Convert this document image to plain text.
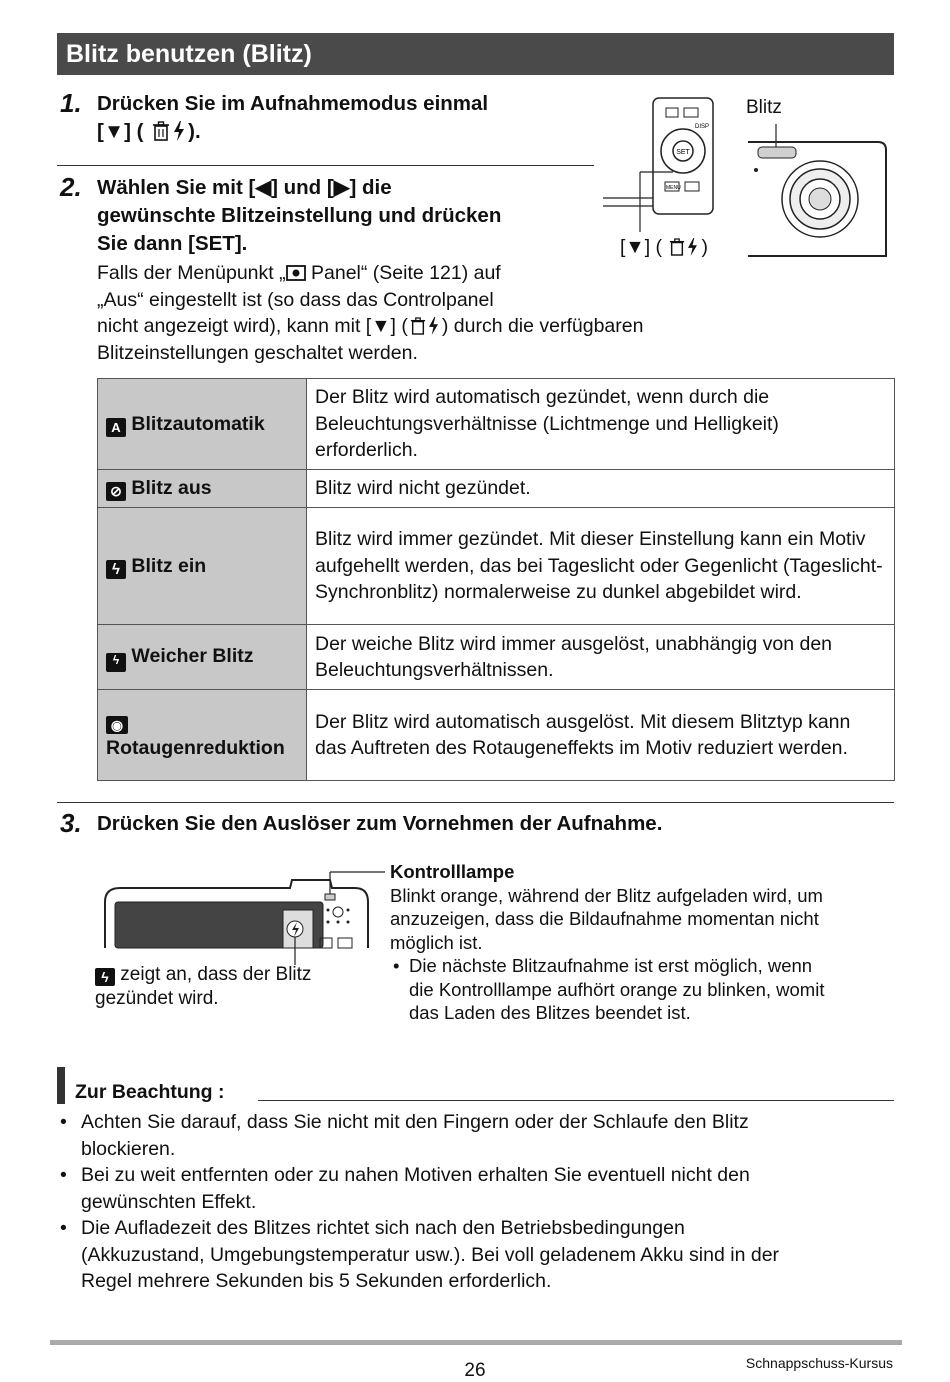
Blitz benutzen (Blitz)
1. Drücken Sie im Aufnahmemodus einmal
[▼] ( ).	DISP
SET
MENU
Blitz
[▼] ( )
2. Wählen Sie mit [◀] und [▶] die
gewünschte Blitzeinstellung und drücken
Sie dann [SET].
Falls der Menüpunkt „ Panel“ (Seite 121) auf
„Aus“ eingestellt ist (so dass das Controlpanel
nicht angezeigt wird), kann mit [▼] ( ) durch die verfügbaren
Blitzeinstellungen geschaltet werden.
A Blitzautomatik	Der Blitz wird automatisch gezündet, wenn durch die Beleuchtungsverhältnisse (Lichtmenge und Helligkeit) erforderlich.
⊘ Blitz aus	Blitz wird nicht gezündet.
ϟ Blitz ein	Blitz wird immer gezündet. Mit dieser Einstellung kann ein Motiv aufgehellt werden, das bei Tageslicht oder Gegenlicht (Tageslicht-Synchronblitz) normalerweise zu dunkel abgebildet wird.
ϟ Weicher Blitz	Der weiche Blitz wird immer ausgelöst, unabhängig von den Beleuchtungsverhältnissen.
◉
Rotaugenreduktion	Der Blitz wird automatisch ausgelöst. Mit diesem Blitztyp kann das Auftreten des Rotaugeneffekts im Motiv reduziert werden.
3. Drücken Sie den Auslöser zum Vornehmen der Aufnahme.
ϟ zeigt an, dass der Blitz
gezündet wird.
Kontrolllampe
Blinkt orange, während der Blitz aufgeladen wird, um
anzuzeigen, dass die Bildaufnahme momentan nicht
möglich ist.
• Die nächste Blitzaufnahme ist erst möglich, wenn
die Kontrolllampe aufhört orange zu blinken, womit
das Laden des Blitzes beendet ist.
Zur Beachtung :
• Achten Sie darauf, dass Sie nicht mit den Fingern oder der Schlaufe den Blitz
blockieren.
• Bei zu weit entfernten oder zu nahen Motiven erhalten Sie eventuell nicht den
gewünschten Effekt.
• Die Aufladezeit des Blitzes richtet sich nach den Betriebsbedingungen
(Akkuzustand, Umgebungstemperatur usw.). Bei voll geladenem Akku sind in der
Regel mehrere Sekunden bis 5 Sekunden erforderlich.
26	Schnappschuss-Kursus
